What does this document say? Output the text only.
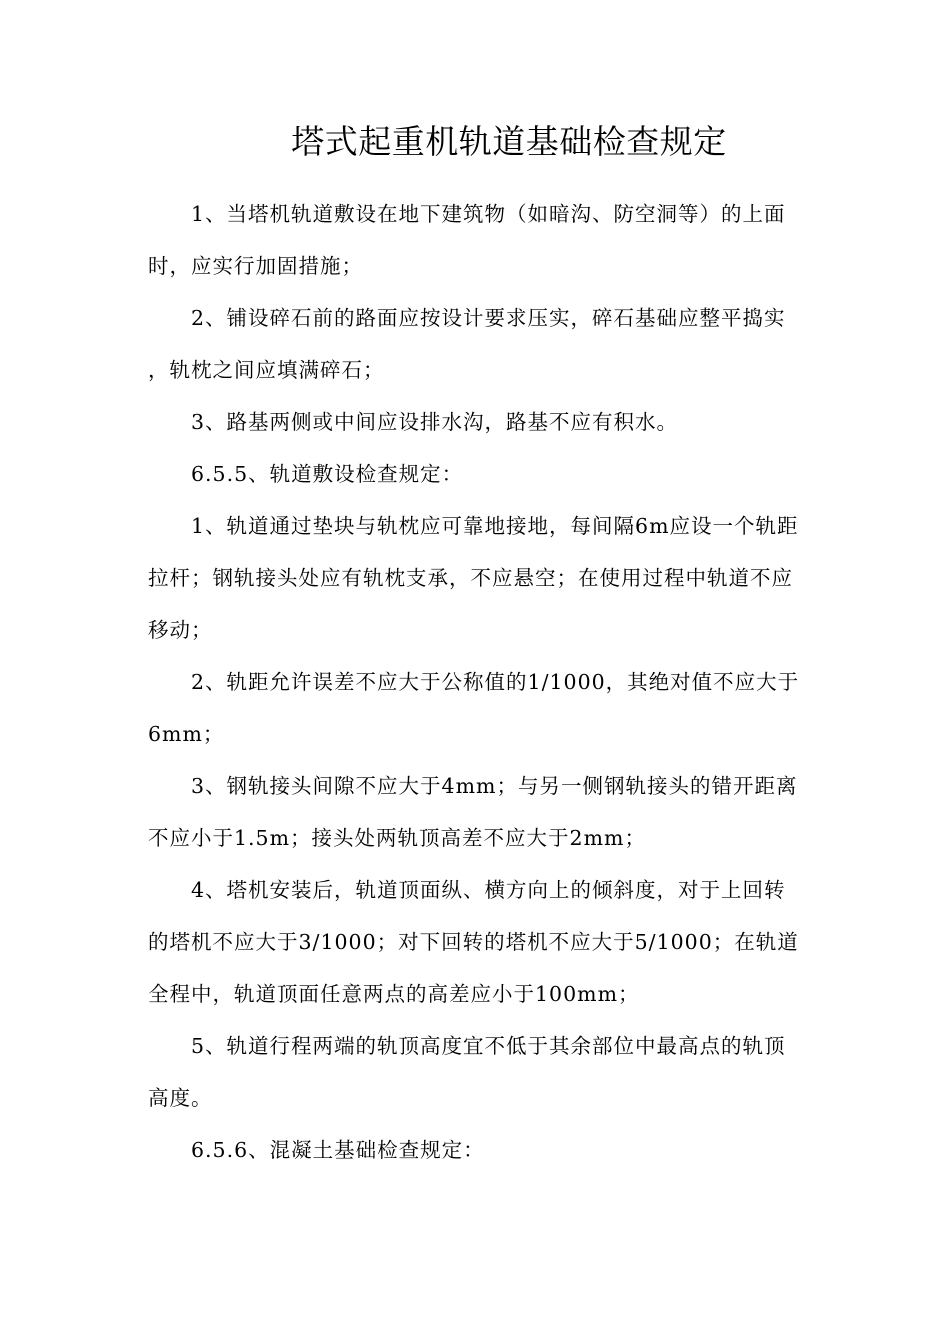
塔式起重机轨道基础检查规定

1、当塔机轨道敷设在地下建筑物（如暗沟、防空洞等）的上面时，应实行加固措施；

2、铺设碎石前的路面应按设计要求压实，碎石基础应整平捣实，轨枕之间应填满碎石；

3、路基两侧或中间应设排水沟，路基不应有积水。

6.5.5、轨道敷设检查规定：

1、轨道通过垫块与轨枕应可靠地接地，每间隔6m应设一个轨距拉杆；钢轨接头处应有轨枕支承，不应悬空；在使用过程中轨道不应移动；

2、轨距允许误差不应大于公称值的1/1000，其绝对值不应大于6mm；

3、钢轨接头间隙不应大于4mm；与另一侧钢轨接头的错开距离不应小于1.5m；接头处两轨顶高差不应大于2mm；

4、塔机安装后，轨道顶面纵、横方向上的倾斜度，对于上回转的塔机不应大于3/1000；对下回转的塔机不应大于5/1000；在轨道全程中，轨道顶面任意两点的高差应小于100mm；

5、轨道行程两端的轨顶高度宜不低于其余部位中最高点的轨顶高度。

6.5.6、混凝土基础检查规定：
